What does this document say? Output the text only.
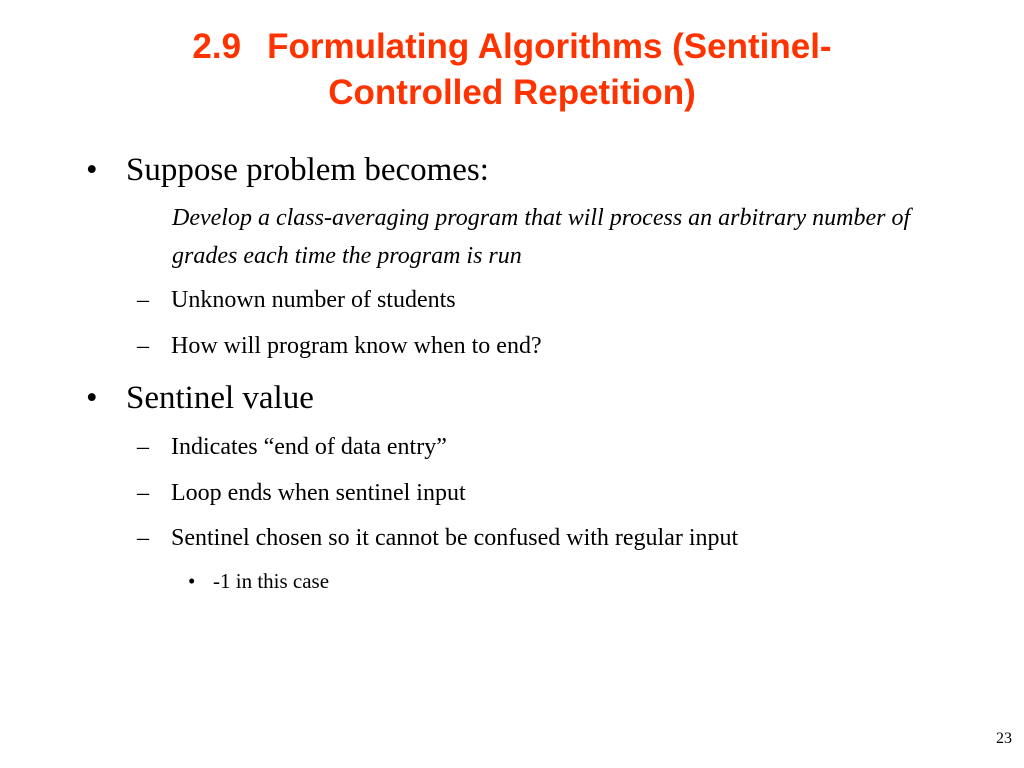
2.9 Formulating Algorithms (Sentinel-
Controlled Repetition)
• Suppose problem becomes:
Develop a class-averaging program that will process an arbitrary number of grades each time the program is run
– Unknown number of students
– How will program know when to end?
• Sentinel value
– Indicates “end of data entry”
– Loop ends when sentinel input
– Sentinel chosen so it cannot be confused with regular input
• -1 in this case
23
